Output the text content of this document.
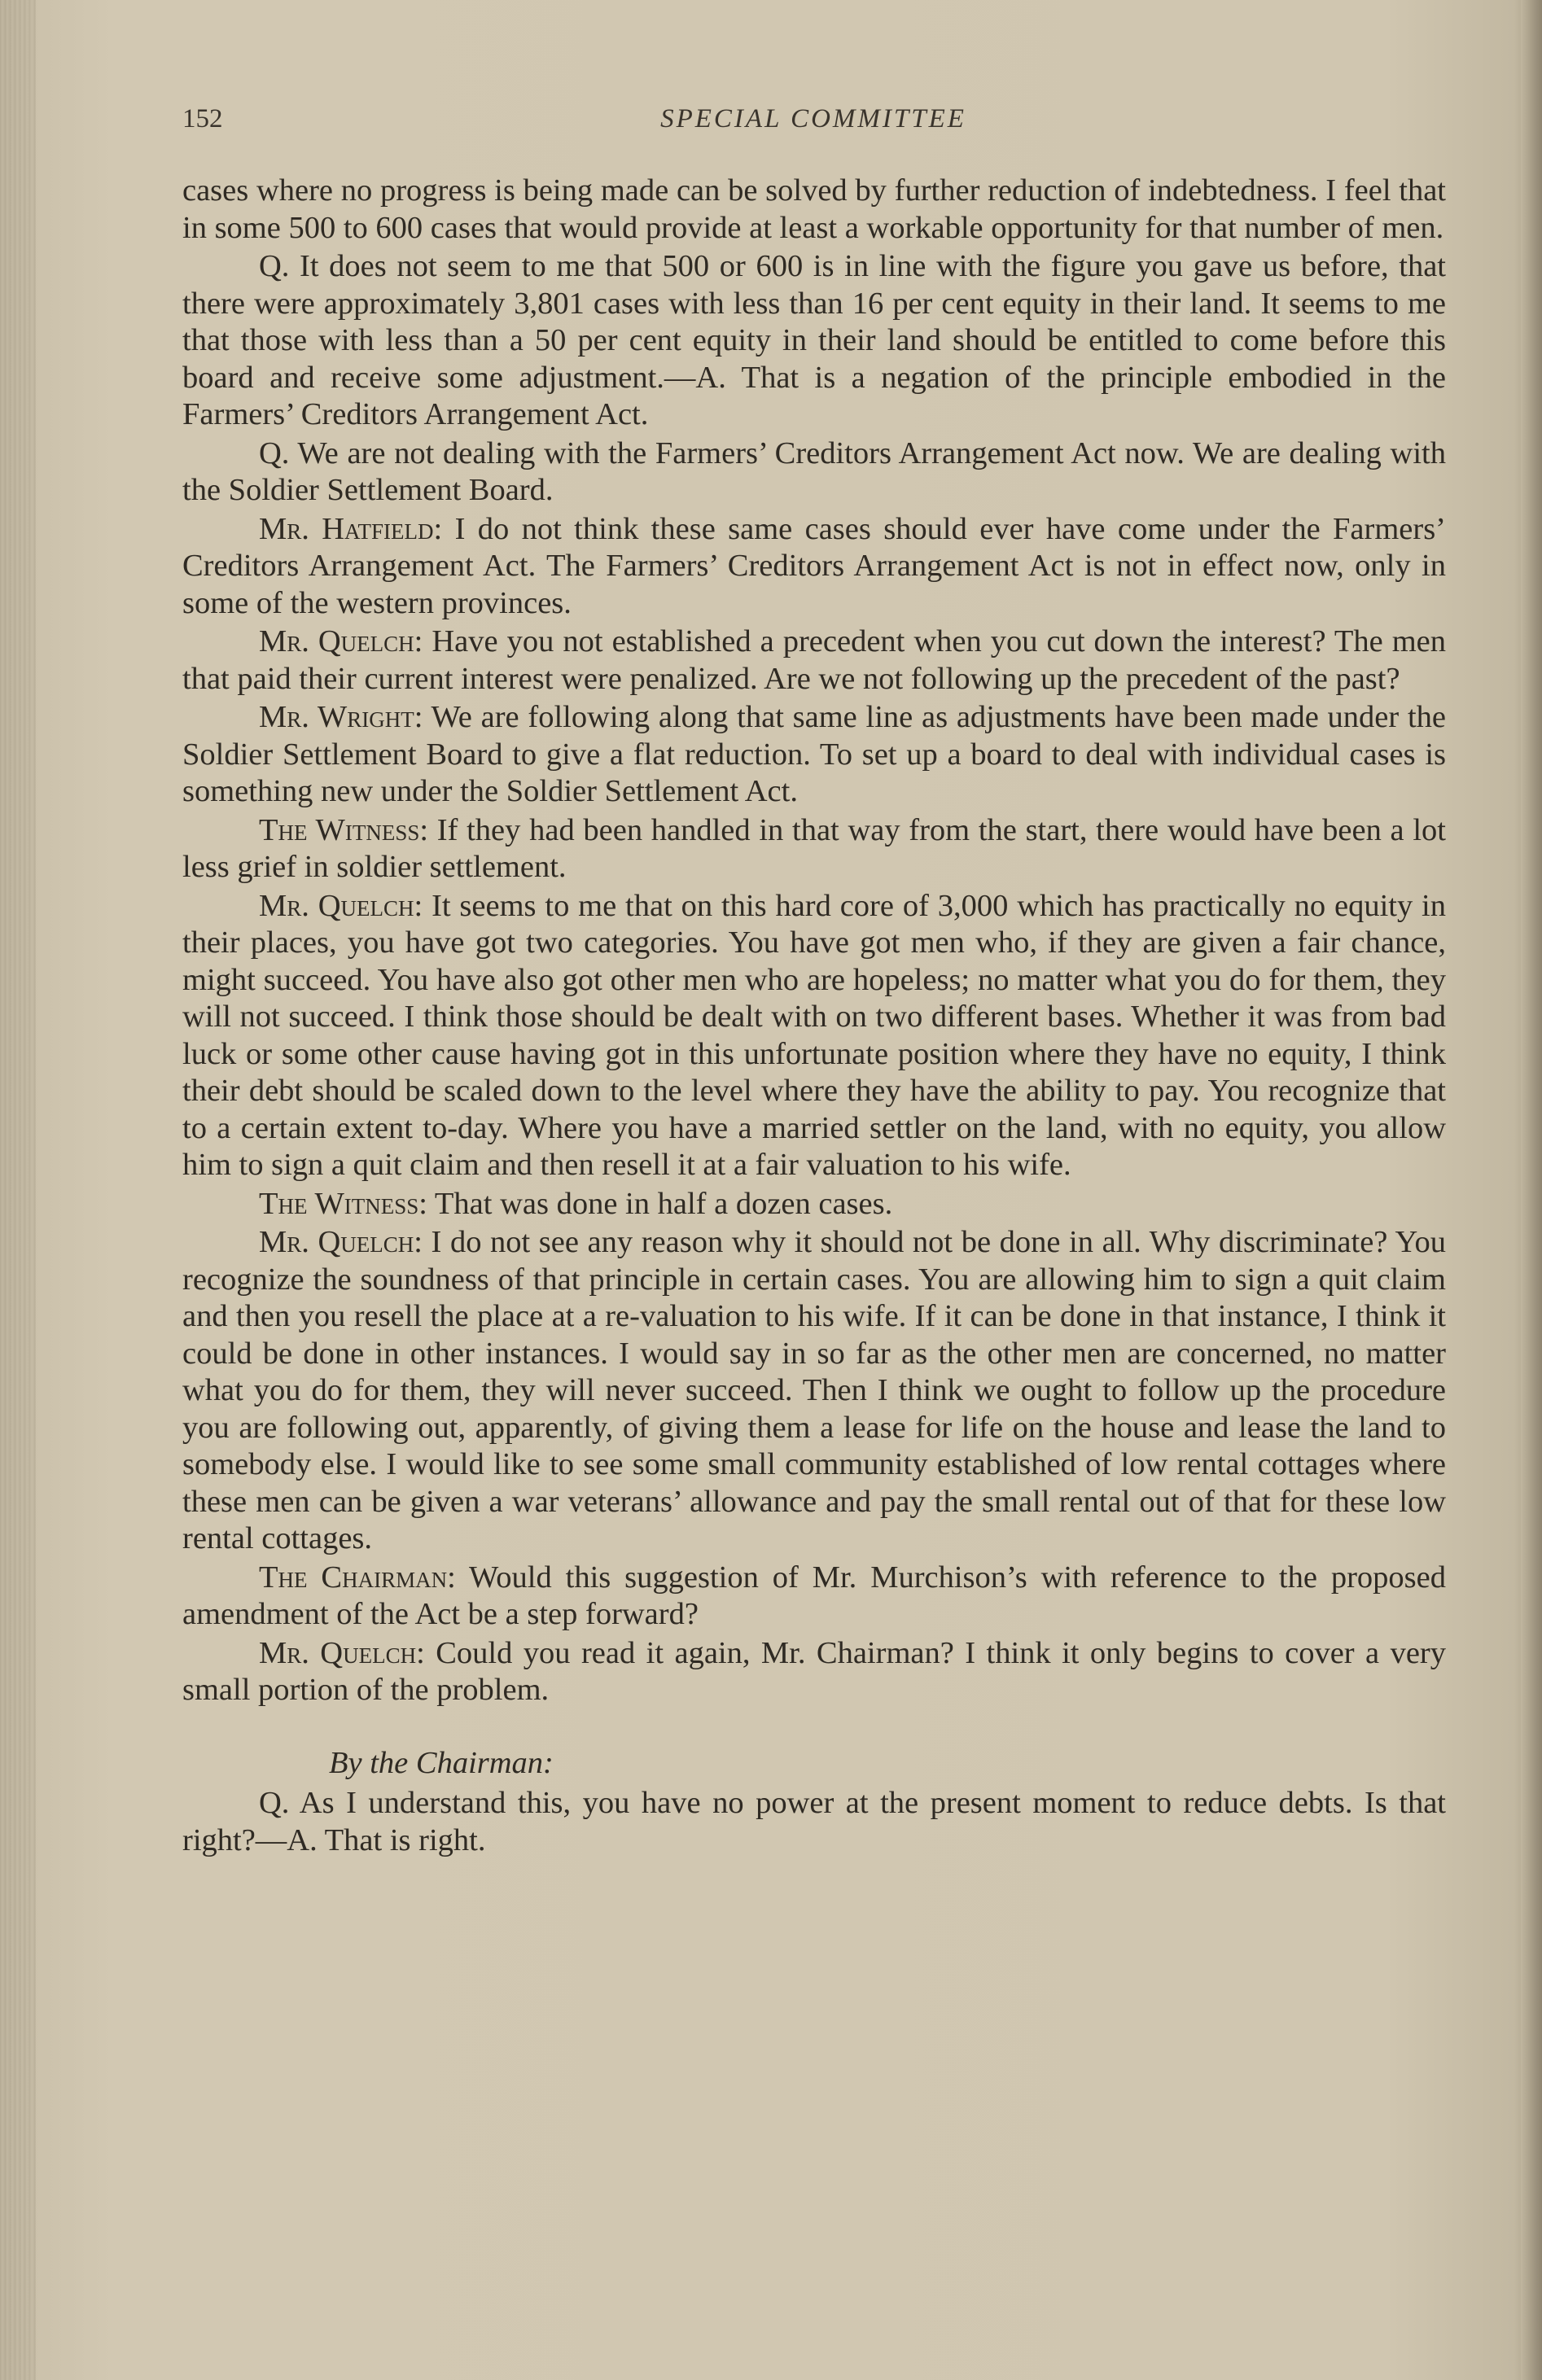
152	SPECIAL COMMITTEE

cases where no progress is being made can be solved by further reduction of indebtedness. I feel that in some 500 to 600 cases that would provide at least a workable opportunity for that number of men.

Q. It does not seem to me that 500 or 600 is in line with the figure you gave us before, that there were approximately 3,801 cases with less than 16 per cent equity in their land. It seems to me that those with less than a 50 per cent equity in their land should be entitled to come before this board and receive some adjustment.—A. That is a negation of the principle embodied in the Farmers’ Creditors Arrangement Act.

Q. We are not dealing with the Farmers’ Creditors Arrangement Act now. We are dealing with the Soldier Settlement Board.

Mr. Hatfield: I do not think these same cases should ever have come under the Farmers’ Creditors Arrangement Act. The Farmers’ Creditors Arrangement Act is not in effect now, only in some of the western provinces.

Mr. Quelch: Have you not established a precedent when you cut down the interest? The men that paid their current interest were penalized. Are we not following up the precedent of the past?

Mr. Wright: We are following along that same line as adjustments have been made under the Soldier Settlement Board to give a flat reduction. To set up a board to deal with individual cases is something new under the Soldier Settlement Act.

The Witness: If they had been handled in that way from the start, there would have been a lot less grief in soldier settlement.

Mr. Quelch: It seems to me that on this hard core of 3,000 which has practically no equity in their places, you have got two categories. You have got men who, if they are given a fair chance, might succeed. You have also got other men who are hopeless; no matter what you do for them, they will not succeed. I think those should be dealt with on two different bases. Whether it was from bad luck or some other cause having got in this unfortunate position where they have no equity, I think their debt should be scaled down to the level where they have the ability to pay. You recognize that to a certain extent to-day. Where you have a married settler on the land, with no equity, you allow him to sign a quit claim and then resell it at a fair valuation to his wife.

The Witness: That was done in half a dozen cases.

Mr. Quelch: I do not see any reason why it should not be done in all. Why discriminate? You recognize the soundness of that principle in certain cases. You are allowing him to sign a quit claim and then you resell the place at a re-valuation to his wife. If it can be done in that instance, I think it could be done in other instances. I would say in so far as the other men are concerned, no matter what you do for them, they will never succeed. Then I think we ought to follow up the procedure you are following out, apparently, of giving them a lease for life on the house and lease the land to somebody else. I would like to see some small community established of low rental cottages where these men can be given a war veterans’ allowance and pay the small rental out of that for these low rental cottages.

The Chairman: Would this suggestion of Mr. Murchison’s with reference to the proposed amendment of the Act be a step forward?

Mr. Quelch: Could you read it again, Mr. Chairman? I think it only begins to cover a very small portion of the problem.

By the Chairman:

Q. As I understand this, you have no power at the present moment to reduce debts. Is that right?—A. That is right.
